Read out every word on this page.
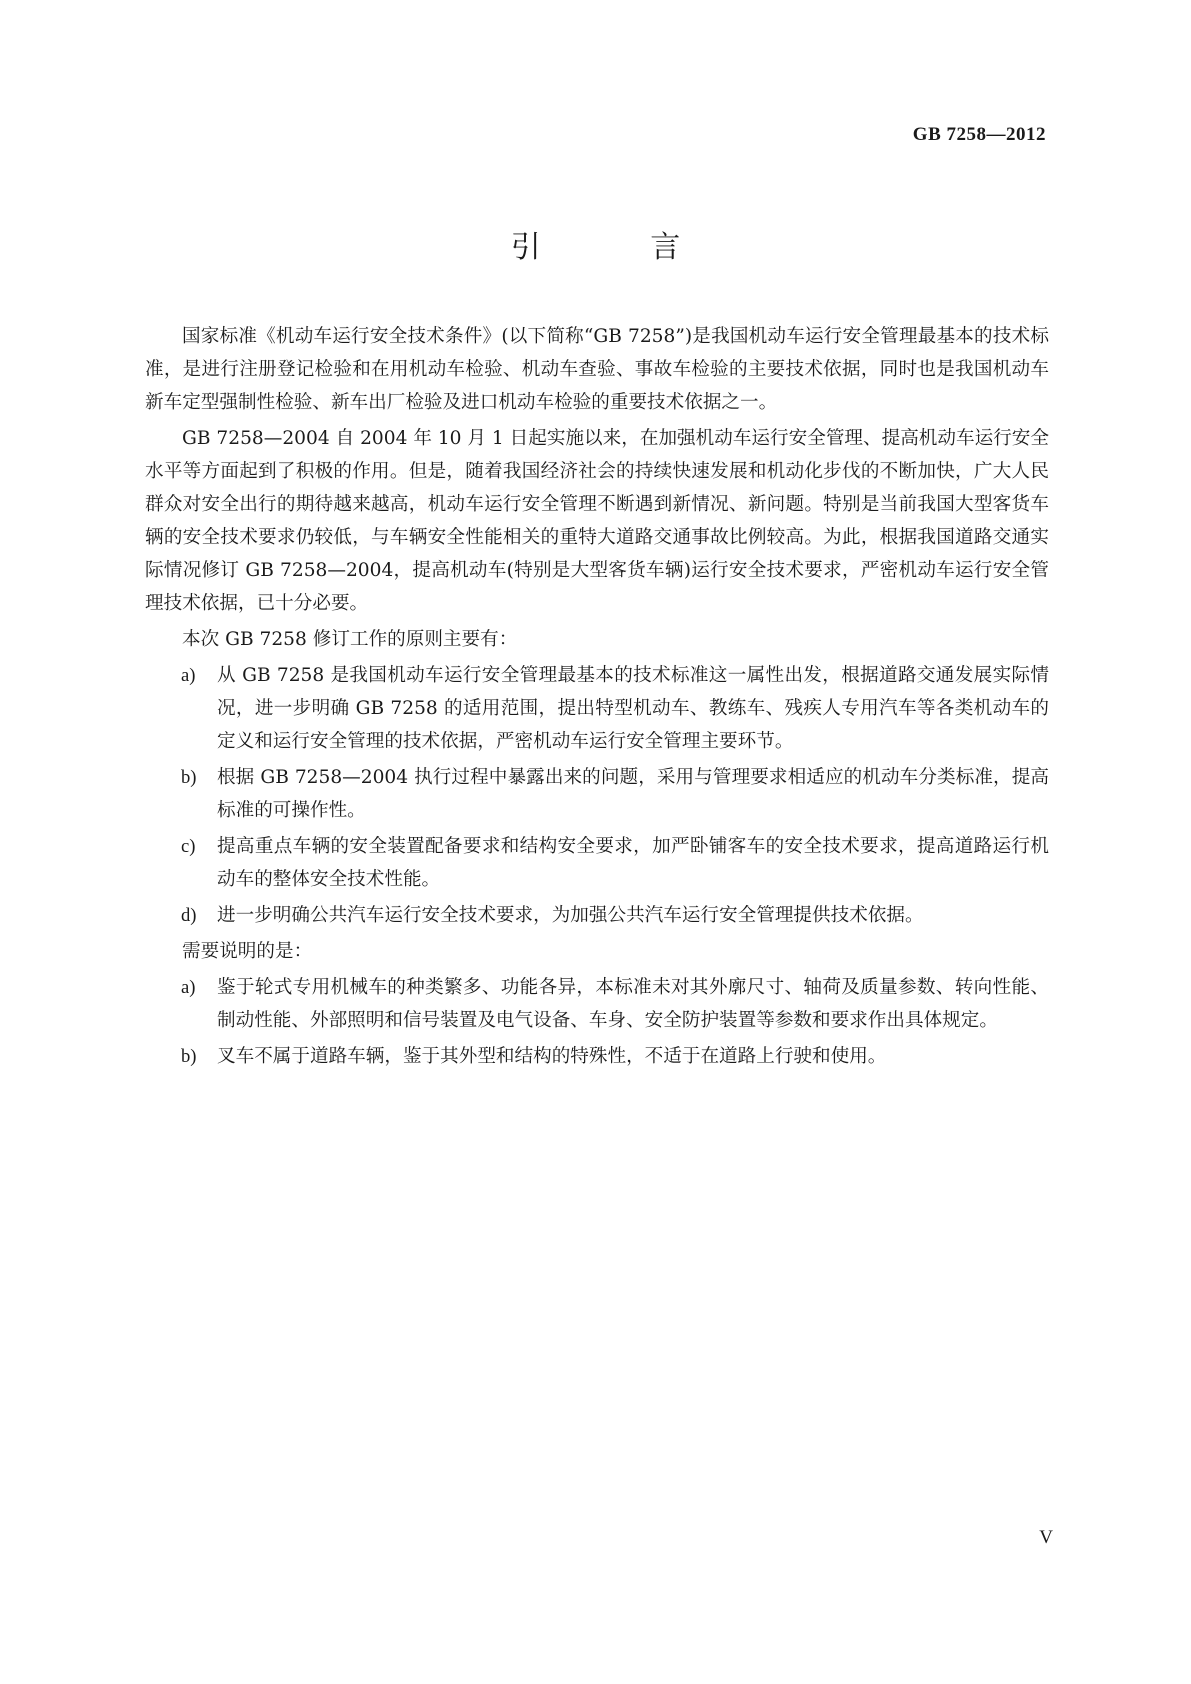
GB 7258—2012
引 言

国家标准《机动车运行安全技术条件》(以下简称“GB 7258”)是我国机动车运行安全管理最基本的技术标准，是进行注册登记检验和在用机动车检验、机动车查验、事故车检验的主要技术依据，同时也是我国机动车新车定型强制性检验、新车出厂检验及进口机动车检验的重要技术依据之一。

GB 7258—2004 自 2004 年 10 月 1 日起实施以来，在加强机动车运行安全管理、提高机动车运行安全水平等方面起到了积极的作用。但是，随着我国经济社会的持续快速发展和机动化步伐的不断加快，广大人民群众对安全出行的期待越来越高，机动车运行安全管理不断遇到新情况、新问题。特别是当前我国大型客货车辆的安全技术要求仍较低，与车辆安全性能相关的重特大道路交通事故比例较高。为此，根据我国道路交通实际情况修订 GB 7258—2004，提高机动车(特别是大型客货车辆)运行安全技术要求，严密机动车运行安全管理技术依据，已十分必要。

本次 GB 7258 修订工作的原则主要有：

a)	从 GB 7258 是我国机动车运行安全管理最基本的技术标准这一属性出发，根据道路交通发展实际情况，进一步明确 GB 7258 的适用范围，提出特型机动车、教练车、残疾人专用汽车等各类机动车的定义和运行安全管理的技术依据，严密机动车运行安全管理主要环节。
b)	根据 GB 7258—2004 执行过程中暴露出来的问题，采用与管理要求相适应的机动车分类标准，提高标准的可操作性。
c)	提高重点车辆的安全装置配备要求和结构安全要求，加严卧铺客车的安全技术要求，提高道路运行机动车的整体安全技术性能。
d)	进一步明确公共汽车运行安全技术要求，为加强公共汽车运行安全管理提供技术依据。

需要说明的是：

a)	鉴于轮式专用机械车的种类繁多、功能各异，本标准未对其外廓尺寸、轴荷及质量参数、转向性能、制动性能、外部照明和信号装置及电气设备、车身、安全防护装置等参数和要求作出具体规定。
b)	叉车不属于道路车辆，鉴于其外型和结构的特殊性，不适于在道路上行驶和使用。
V
